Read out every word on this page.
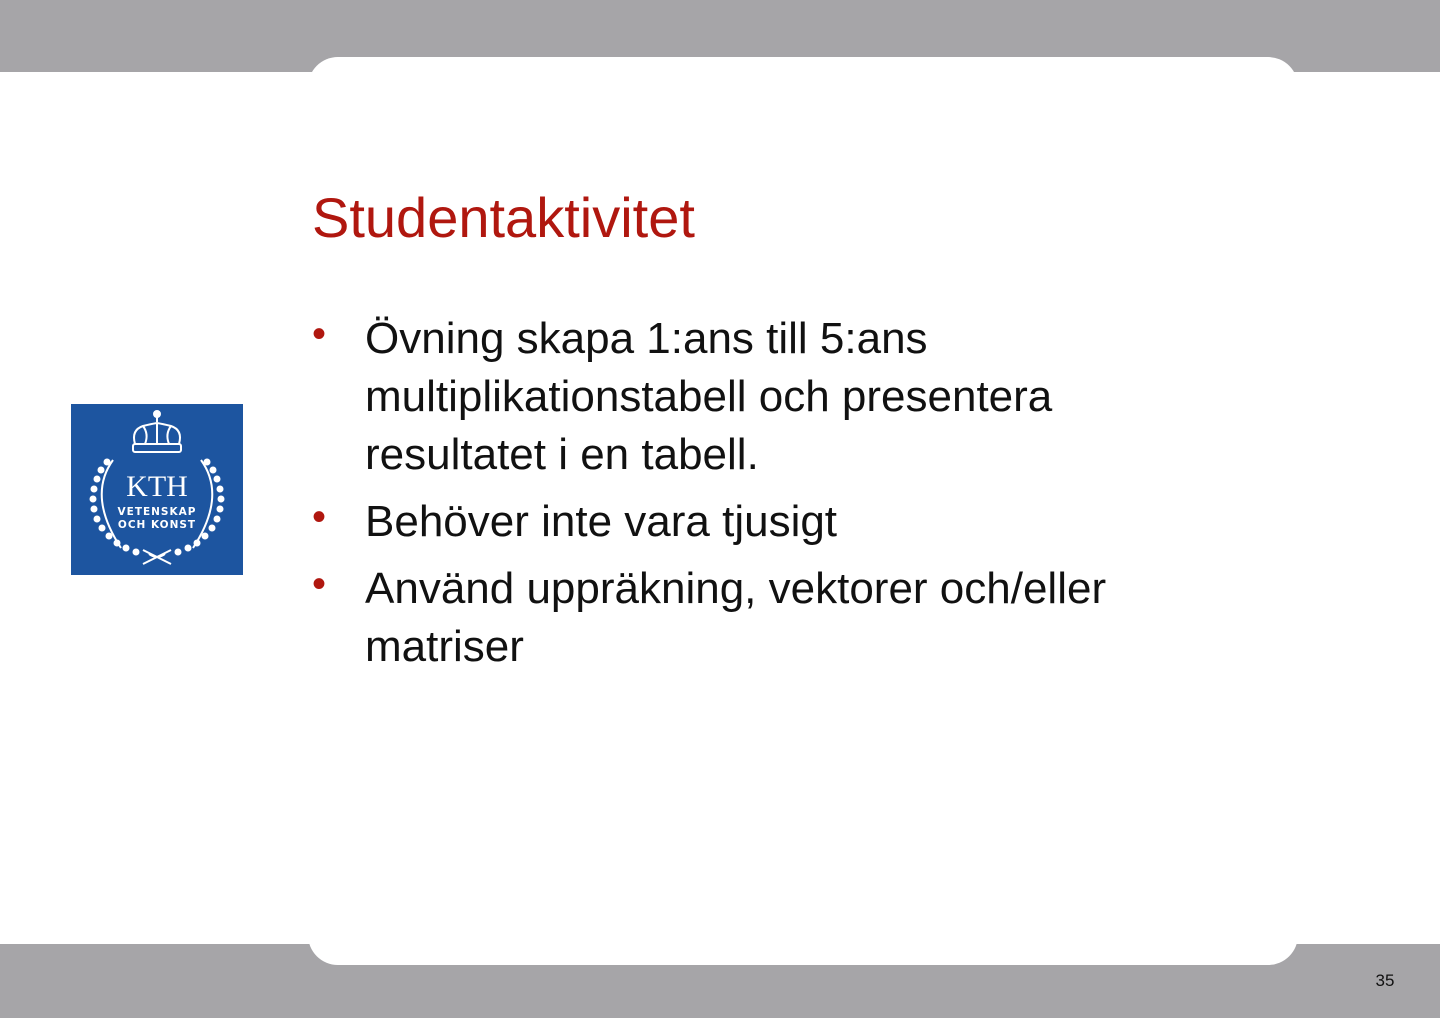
KTH
VETENSKAP
OCH KONST
Studentaktivitet
• Övning skapa 1:ans till 5:ans multiplikationstabell och presentera resultatet i en tabell.
• Behöver inte vara tjusigt
• Använd uppräkning, vektorer och/eller matriser
35
